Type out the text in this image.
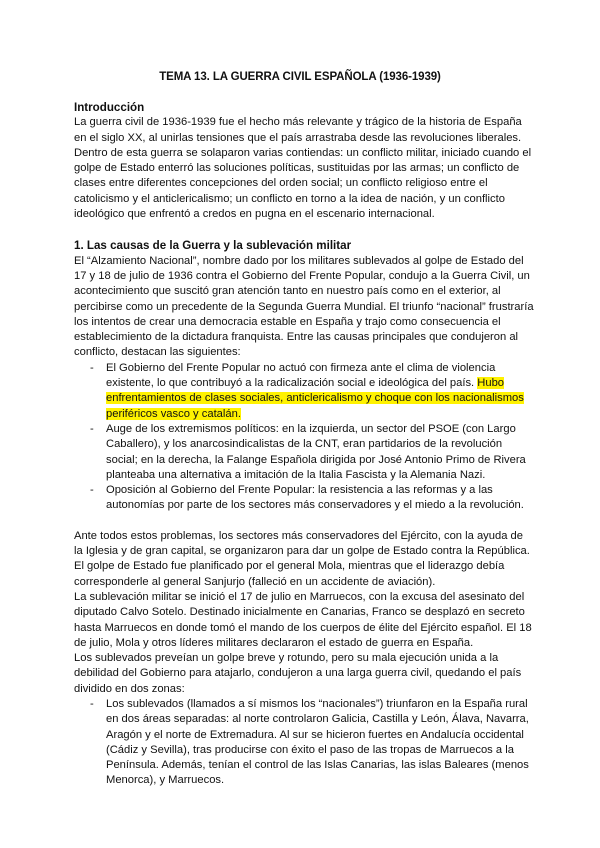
TEMA 13. LA GUERRA CIVIL ESPAÑOLA (1936-1939)

Introducción

La guerra civil de 1936-1939 fue el hecho más relevante y trágico de la historia de España en el siglo XX, al unirlas tensiones que el país arrastraba desde las revoluciones liberales. Dentro de esta guerra se solaparon varias contiendas: un conflicto militar, iniciado cuando el golpe de Estado enterró las soluciones políticas, sustituidas por las armas; un conflicto de clases entre diferentes concepciones del orden social; un conflicto religioso entre el catolicismo y el anticlericalismo; un conflicto en torno a la idea de nación, y un conflicto ideológico que enfrentó a credos en pugna en el escenario internacional.

1. Las causas de la Guerra y la sublevación militar

El “Alzamiento Nacional”, nombre dado por los militares sublevados al golpe de Estado del 17 y 18 de julio de 1936 contra el Gobierno del Frente Popular, condujo a la Guerra Civil, un acontecimiento que suscitó gran atención tanto en nuestro país como en el exterior, al percibirse como un precedente de la Segunda Guerra Mundial. El triunfo “nacional” frustraría los intentos de crear una democracia estable en España y trajo como consecuencia el establecimiento de la dictadura franquista. Entre las causas principales que condujeron al conflicto, destacan las siguientes:

- El Gobierno del Frente Popular no actuó con firmeza ante el clima de violencia existente, lo que contribuyó a la radicalización social e ideológica del país. Hubo enfrentamientos de clases sociales, anticlericalismo y choque con los nacionalismos periféricos vasco y catalán.
- Auge de los extremismos políticos: en la izquierda, un sector del PSOE (con Largo Caballero), y los anarcosindicalistas de la CNT, eran partidarios de la revolución social; en la derecha, la Falange Española dirigida por José Antonio Primo de Rivera planteaba una alternativa a imitación de la Italia Fascista y la Alemania Nazi.
- Oposición al Gobierno del Frente Popular: la resistencia a las reformas y a las autonomías por parte de los sectores más conservadores y el miedo a la revolución.

Ante todos estos problemas, los sectores más conservadores del Ejército, con la ayuda de la Iglesia y de gran capital, se organizaron para dar un golpe de Estado contra la República. El golpe de Estado fue planificado por el general Mola, mientras que el liderazgo debía corresponderle al general Sanjurjo (falleció en un accidente de aviación).

La sublevación militar se inició el 17 de julio en Marruecos, con la excusa del asesinato del diputado Calvo Sotelo. Destinado inicialmente en Canarias, Franco se desplazó en secreto hasta Marruecos en donde tomó el mando de los cuerpos de élite del Ejército español. El 18 de julio, Mola y otros líderes militares declararon el estado de guerra en España.

Los sublevados preveían un golpe breve y rotundo, pero su mala ejecución unida a la debilidad del Gobierno para atajarlo, condujeron a una larga guerra civil, quedando el país dividido en dos zonas:

- Los sublevados (llamados a sí mismos los “nacionales”) triunfaron en la España rural en dos áreas separadas: al norte controlaron Galicia, Castilla y León, Álava, Navarra, Aragón y el norte de Extremadura. Al sur se hicieron fuertes en Andalucía occidental (Cádiz y Sevilla), tras producirse con éxito el paso de las tropas de Marruecos a la Península. Además, tenían el control de las Islas Canarias, las islas Baleares (menos Menorca), y Marruecos.
